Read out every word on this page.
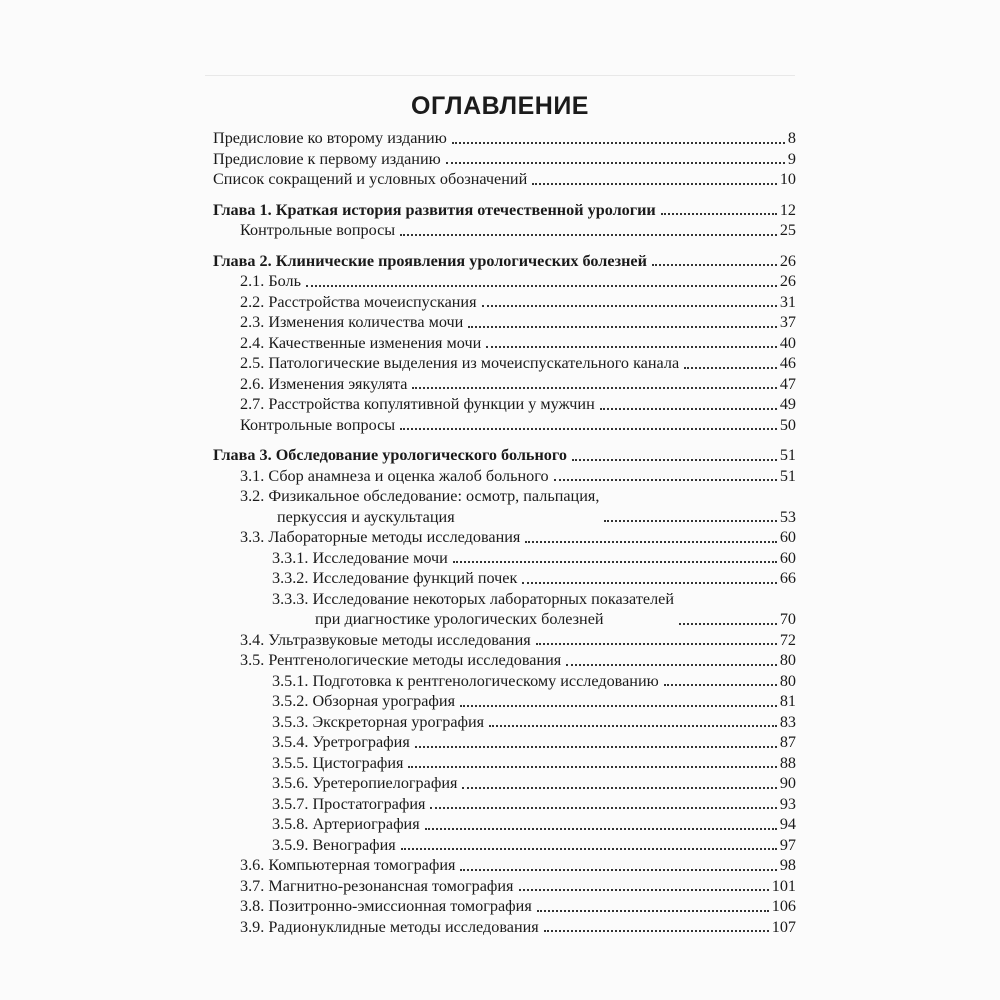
ОГЛАВЛЕНИЕ
Предисловие ко второму изданию	8
Предисловие к первому изданию	9
Список сокращений и условных обозначений	10
Глава 1. Краткая история развития отечественной урологии	12
Контрольные вопросы	25
Глава 2. Клинические проявления урологических болезней	26
2.1. Боль	26
2.2. Расстройства мочеиспускания	31
2.3. Изменения количества мочи	37
2.4. Качественные изменения мочи	40
2.5. Патологические выделения из мочеиспускательного канала	46
2.6. Изменения эякулята	47
2.7. Расстройства копулятивной функции у мужчин	49
Контрольные вопросы	50
Глава 3. Обследование урологического больного	51
3.1. Сбор анамнеза и оценка жалоб больного	51
3.2. Физикальное обследование: осмотр, пальпация,
перкуссия и аускультация	53
3.3. Лабораторные методы исследования	60
3.3.1. Исследование мочи	60
3.3.2. Исследование функций почек	66
3.3.3. Исследование некоторых лабораторных показателей
при диагностике урологических болезней	70
3.4. Ультразвуковые методы исследования	72
3.5. Рентгенологические методы исследования	80
3.5.1. Подготовка к рентгенологическому исследованию	80
3.5.2. Обзорная урография	81
3.5.3. Экскреторная урография	83
3.5.4. Уретрография	87
3.5.5. Цистография	88
3.5.6. Уретеропиелография	90
3.5.7. Простатография	93
3.5.8. Артериография	94
3.5.9. Венография	97
3.6. Компьютерная томография	98
3.7. Магнитно-резонансная томография	101
3.8. Позитронно-эмиссионная томография	106
3.9. Радионуклидные методы исследования	107
